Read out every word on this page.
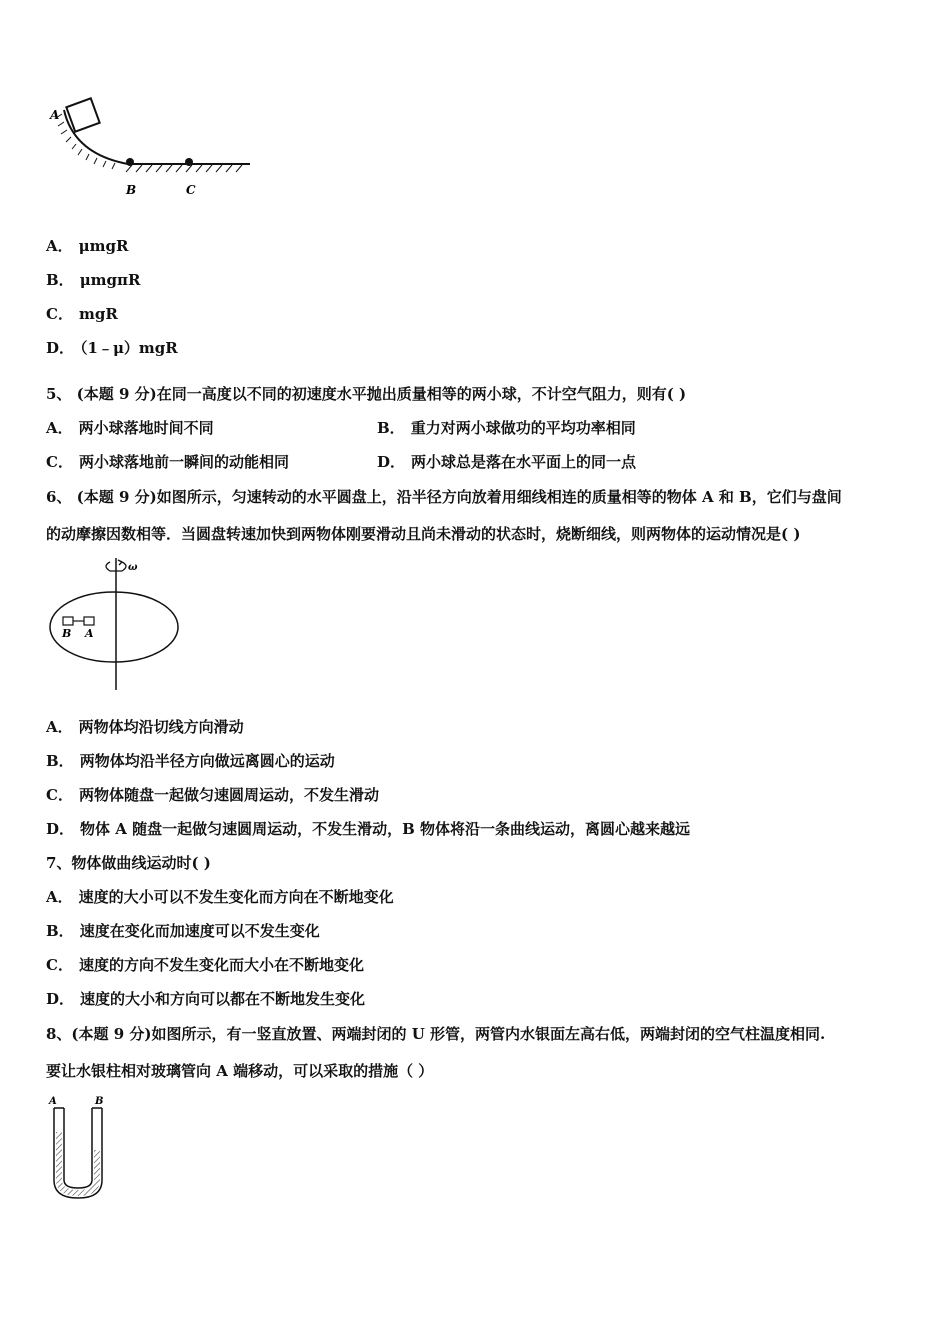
A
B	C
A． μmgR
B． μmgπR
C． mgR
D． （1﹣μ）mgR
5、 (本题 9 分)在同一高度以不同的初速度水平抛出质量相等的两小球，不计空气阻力，则有( )
A． 两小球落地时间不同	B． 重力对两小球做功的平均功率相同
C． 两小球落地前一瞬间的动能相同	D． 两小球总是落在水平面上的同一点
6、 (本题 9 分)如图所示，匀速转动的水平圆盘上，沿半径方向放着用细线相连的质量相等的物体 A 和 B，它们与盘间
的动摩擦因数相等．当圆盘转速加快到两物体刚要滑动且尚未滑动的状态时，烧断细线，则两物体的运动情况是( )
ω
B A
A． 两物体均沿切线方向滑动
B． 两物体均沿半径方向做远离圆心的运动
C． 两物体随盘一起做匀速圆周运动，不发生滑动
D． 物体 A 随盘一起做匀速圆周运动，不发生滑动，B 物体将沿一条曲线运动，离圆心越来越远
7、物体做曲线运动时( )
A． 速度的大小可以不发生变化而方向在不断地变化
B． 速度在变化而加速度可以不发生变化
C． 速度的方向不发生变化而大小在不断地变化
D． 速度的大小和方向可以都在不断地发生变化
8、(本题 9 分)如图所示，有一竖直放置、两端封闭的 U 形管，两管内水银面左高右低，两端封闭的空气柱温度相同.
要让水银柱相对玻璃管向 A 端移动，可以采取的措施（ ）
A	B
